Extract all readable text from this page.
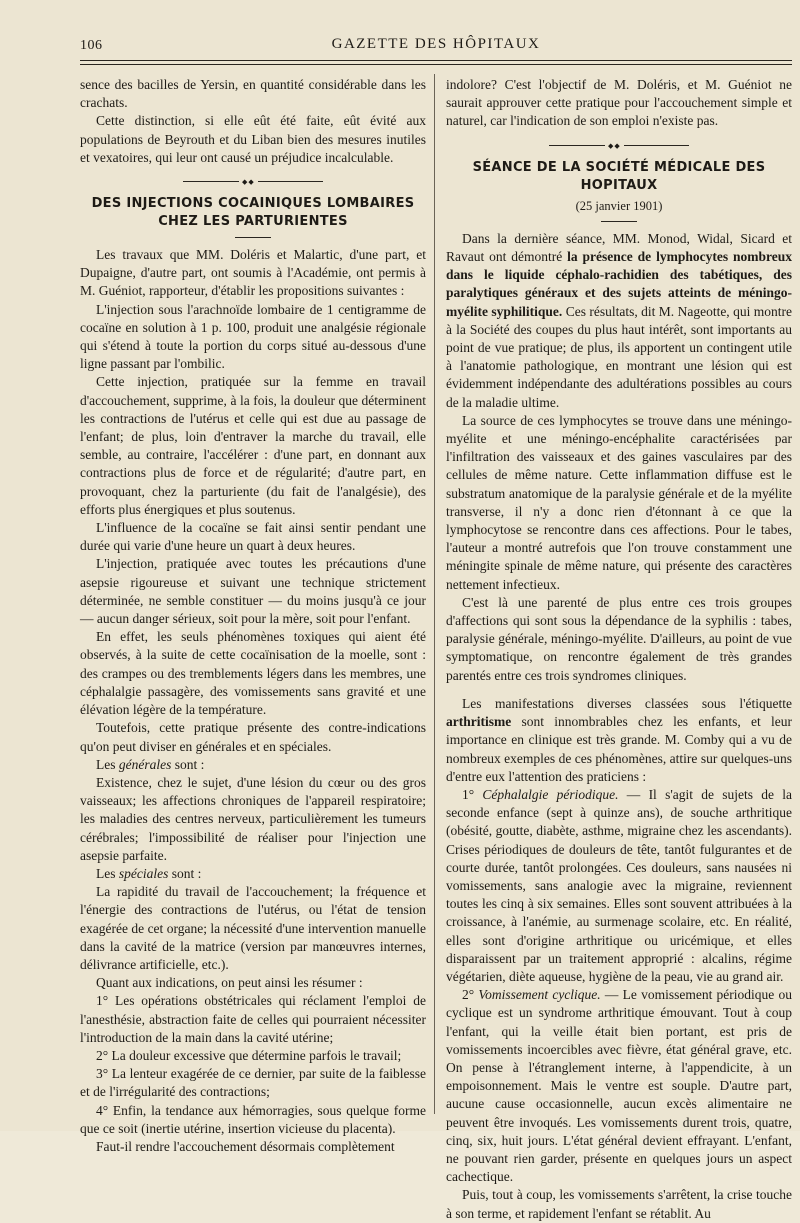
106	GAZETTE DES HÔPITAUX

sence des bacilles de Yersin, en quantité considérable dans les crachats.

Cette distinction, si elle eût été faite, eût évité aux populations de Beyrouth et du Liban bien des mesures inutiles et vexatoires, qui leur ont causé un préjudice incalculable.

◆◆
DES INJECTIONS COCAINIQUES LOMBAIRES
CHEZ LES PARTURIENTES

Les travaux que MM. Doléris et Malartic, d'une part, et Dupaigne, d'autre part, ont soumis à l'Académie, ont permis à M. Guéniot, rapporteur, d'établir les propositions suivantes :

L'injection sous l'arachnoïde lombaire de 1 centigramme de cocaïne en solution à 1 p. 100, produit une analgésie régionale qui s'étend à toute la portion du corps situé au-dessous d'une ligne passant par l'ombilic.

Cette injection, pratiquée sur la femme en travail d'accouchement, supprime, à la fois, la douleur que déterminent les contractions de l'utérus et celle qui est due au passage de l'enfant; de plus, loin d'entraver la marche du travail, elle semble, au contraire, l'accélérer : d'une part, en donnant aux contractions plus de force et de régularité; d'autre part, en provoquant, chez la parturiente (du fait de l'analgésie), des efforts plus énergiques et plus soutenus.

L'influence de la cocaïne se fait ainsi sentir pendant une durée qui varie d'une heure un quart à deux heures.

L'injection, pratiquée avec toutes les précautions d'une asepsie rigoureuse et suivant une technique strictement déterminée, ne semble constituer — du moins jusqu'à ce jour — aucun danger sérieux, soit pour la mère, soit pour l'enfant.

En effet, les seuls phénomènes toxiques qui aient été observés, à la suite de cette cocaïnisation de la moelle, sont : des crampes ou des tremblements légers dans les membres, une céphalalgie passagère, des vomissements sans gravité et une élévation légère de la température.

Toutefois, cette pratique présente des contre-indications qu'on peut diviser en générales et en spéciales.

Les générales sont :

Existence, chez le sujet, d'une lésion du cœur ou des gros vaisseaux; les affections chroniques de l'appareil respiratoire; les maladies des centres nerveux, particulièrement les tumeurs cérébrales; l'impossibilité de réaliser pour l'injection une asepsie parfaite.

Les spéciales sont :

La rapidité du travail de l'accouchement; la fréquence et l'énergie des contractions de l'utérus, ou l'état de tension exagérée de cet organe; la nécessité d'une intervention manuelle dans la cavité de la matrice (version par manœuvres internes, délivrance artificielle, etc.).

Quant aux indications, on peut ainsi les résumer :

1° Les opérations obstétricales qui réclament l'emploi de l'anesthésie, abstraction faite de celles qui pourraient nécessiter l'introduction de la main dans la cavité utérine;

2° La douleur excessive que détermine parfois le travail;

3° La lenteur exagérée de ce dernier, par suite de la faiblesse et de l'irrégularité des contractions;

4° Enfin, la tendance aux hémorragies, sous quelque forme que ce soit (inertie utérine, insertion vicieuse du placenta).

Faut-il rendre l'accouchement désormais complètement

indolore? C'est l'objectif de M. Doléris, et M. Guéniot ne saurait approuver cette pratique pour l'accouchement simple et naturel, car l'indication de son emploi n'existe pas.

◆◆
SÉANCE DE LA SOCIÉTÉ MÉDICALE DES HOPITAUX
(25 janvier 1901)

Dans la dernière séance, MM. Monod, Widal, Sicard et Ravaut ont démontré la présence de lymphocytes nombreux dans le liquide céphalo-rachidien des tabétiques, des paralytiques généraux et des sujets atteints de méningo-myélite syphilitique. Ces résultats, dit M. Nageotte, qui montre à la Société des coupes du plus haut intérêt, sont importants au point de vue pratique; de plus, ils apportent un contingent utile à l'anatomie pathologique, en montrant une lésion qui est évidemment indépendante des adultérations possibles au cours de la maladie ultime.

La source de ces lymphocytes se trouve dans une méningo-myélite et une méningo-encéphalite caractérisées par l'infiltration des vaisseaux et des gaines vasculaires par des cellules de même nature. Cette inflammation diffuse est le substratum anatomique de la paralysie générale et de la myélite transverse, il n'y a donc rien d'étonnant à ce que la lymphocytose se rencontre dans ces affections. Pour le tabes, l'auteur a montré autrefois que l'on trouve constamment une méningite spinale de même nature, qui présente des caractères nettement infectieux.

C'est là une parenté de plus entre ces trois groupes d'affections qui sont sous la dépendance de la syphilis : tabes, paralysie générale, méningo-myélite. D'ailleurs, au point de vue symptomatique, on rencontre également de très grandes parentés entre ces trois syndromes cliniques.

Les manifestations diverses classées sous l'étiquette arthritisme sont innombrables chez les enfants, et leur importance en clinique est très grande. M. Comby qui a vu de nombreux exemples de ces phénomènes, attire sur quelques-uns d'entre eux l'attention des praticiens :

1° Céphalalgie périodique. — Il s'agit de sujets de la seconde enfance (sept à quinze ans), de souche arthritique (obésité, goutte, diabète, asthme, migraine chez les ascendants). Crises périodiques de douleurs de tête, tantôt fulgurantes et de courte durée, tantôt prolongées. Ces douleurs, sans nausées ni vomissements, sans analogie avec la migraine, reviennent toutes les cinq à six semaines. Elles sont souvent attribuées à la croissance, à l'anémie, au surmenage scolaire, etc. En réalité, elles sont d'origine arthritique ou uricémique, et elles disparaissent par un traitement approprié : alcalins, régime végétarien, diète aqueuse, hygiène de la peau, vie au grand air.

2° Vomissement cyclique. — Le vomissement périodique ou cyclique est un syndrome arthritique émouvant. Tout à coup l'enfant, qui la veille était bien portant, est pris de vomissements incoercibles avec fièvre, état général grave, etc. On pense à l'étranglement interne, à l'appendicite, à un empoisonnement. Mais le ventre est souple. D'autre part, aucune cause occasionnelle, aucun excès alimentaire ne peuvent être invoqués. Les vomissements durent trois, quatre, cinq, six, huit jours. L'état général devient effrayant. L'enfant, ne pouvant rien garder, présente en quelques jours un aspect cachectique.

Puis, tout à coup, les vomissements s'arrêtent, la crise touche à son terme, et rapidement l'enfant se rétablit. Au
